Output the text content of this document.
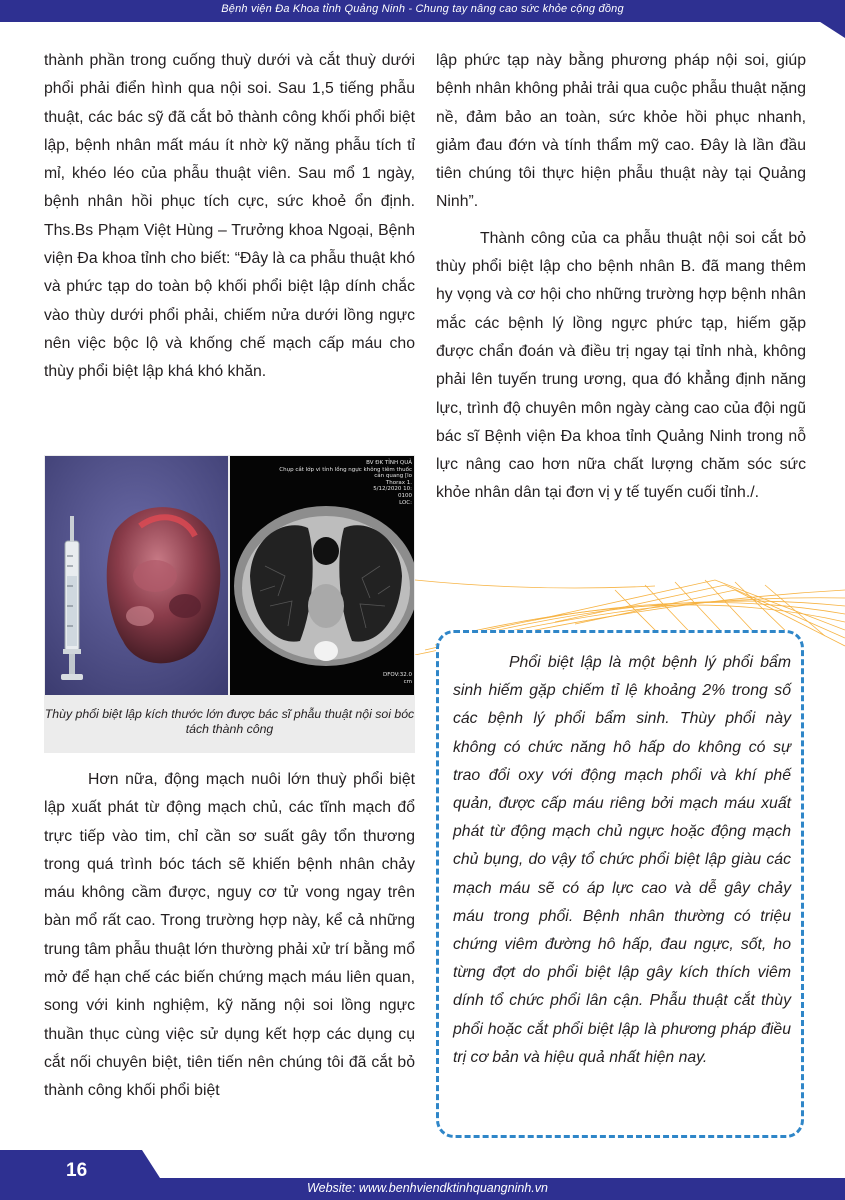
Bệnh viện Đa Khoa tỉnh Quảng Ninh - Chung tay nâng cao sức khỏe cộng đồng

thành phần trong cuống thuỳ dưới và cắt thuỳ dưới phổi phải điển hình qua nội soi. Sau 1,5 tiếng phẫu thuật, các bác sỹ đã cắt bỏ thành công khối phổi biệt lập, bệnh nhân mất máu ít nhờ kỹ năng phẫu tích tỉ mỉ, khéo léo của phẫu thuật viên. Sau mổ 1 ngày, bệnh nhân hồi phục tích cực, sức khoẻ ổn định. Ths.Bs Phạm Việt Hùng – Trưởng khoa Ngoại, Bệnh viện Đa khoa tỉnh cho biết: “Đây là ca phẫu thuật khó và phức tạp do toàn bộ khối phổi biệt lập dính chắc vào thùy dưới phổi phải, chiếm nửa dưới lồng ngực nên việc bộc lộ và khống chế mạch cấp máu cho thùy phổi biệt lập khá khó khăn.

BV ĐK TỈNH QUẢ
Chụp cắt lớp vi tính lồng ngực không tiêm thuốc cản quang [lo
Thorax 1.
5/12/2020 10:
0100
LOC:
DFOV:32.0
cm
Thùy phổi biệt lập kích thước lớn được bác sĩ phẫu thuật nội soi bóc tách thành công

Hơn nữa, động mạch nuôi lớn thuỳ phổi biệt lập xuất phát từ động mạch chủ, các tĩnh mạch đổ trực tiếp vào tim, chỉ cần sơ suất gây tổn thương trong quá trình bóc tách sẽ khiến bệnh nhân chảy máu không cầm được, nguy cơ tử vong ngay trên bàn mổ rất cao. Trong trường hợp này, kể cả những trung tâm phẫu thuật lớn thường phải xử trí bằng mổ mở để hạn chế các biến chứng mạch máu liên quan, song với kinh nghiệm, kỹ năng nội soi lồng ngực thuần thục cùng việc sử dụng kết hợp các dụng cụ cắt nối chuyên biệt, tiên tiến nên chúng tôi đã cắt bỏ thành công khối phổi biệt

lập phức tạp này bằng phương pháp nội soi, giúp bệnh nhân không phải trải qua cuộc phẫu thuật nặng nề, đảm bảo an toàn, sức khỏe hồi phục nhanh, giảm đau đớn và tính thẩm mỹ cao. Đây là lần đầu tiên chúng tôi thực hiện phẫu thuật này tại Quảng Ninh”.

Thành công của ca phẫu thuật nội soi cắt bỏ thùy phổi biệt lập cho bệnh nhân B. đã mang thêm hy vọng và cơ hội cho những trường hợp bệnh nhân mắc các bệnh lý lồng ngực phức tạp, hiếm gặp được chẩn đoán và điều trị ngay tại tỉnh nhà, không phải lên tuyến trung ương, qua đó khẳng định năng lực, trình độ chuyên môn ngày càng cao của đội ngũ bác sĩ Bệnh viện Đa khoa tỉnh Quảng Ninh trong nỗ lực nâng cao hơn nữa chất lượng chăm sóc sức khỏe nhân dân tại đơn vị y tế tuyến cuối tỉnh./.

Phổi biệt lập là một bệnh lý phổi bẩm sinh hiếm gặp chiếm tỉ lệ khoảng 2% trong số các bệnh lý phổi bẩm sinh. Thùy phổi này không có chức năng hô hấp do không có sự trao đổi oxy với động mạch phổi và khí phế quản, được cấp máu riêng bởi mạch máu xuất phát từ động mạch chủ ngực hoặc động mạch chủ bụng, do vậy tổ chức phổi biệt lập giàu các mạch máu sẽ có áp lực cao và dễ gây chảy máu trong phổi. Bệnh nhân thường có triệu chứng viêm đường hô hấp, đau ngực, sốt, ho từng đợt do phổi biệt lập gây kích thích viêm dính tổ chức phổi lân cận. Phẫu thuật cắt thùy phổi hoặc cắt phổi biệt lập là phương pháp điều trị cơ bản và hiệu quả nhất hiện nay.

16
Website: www.benhviendktinhquangninh.vn
